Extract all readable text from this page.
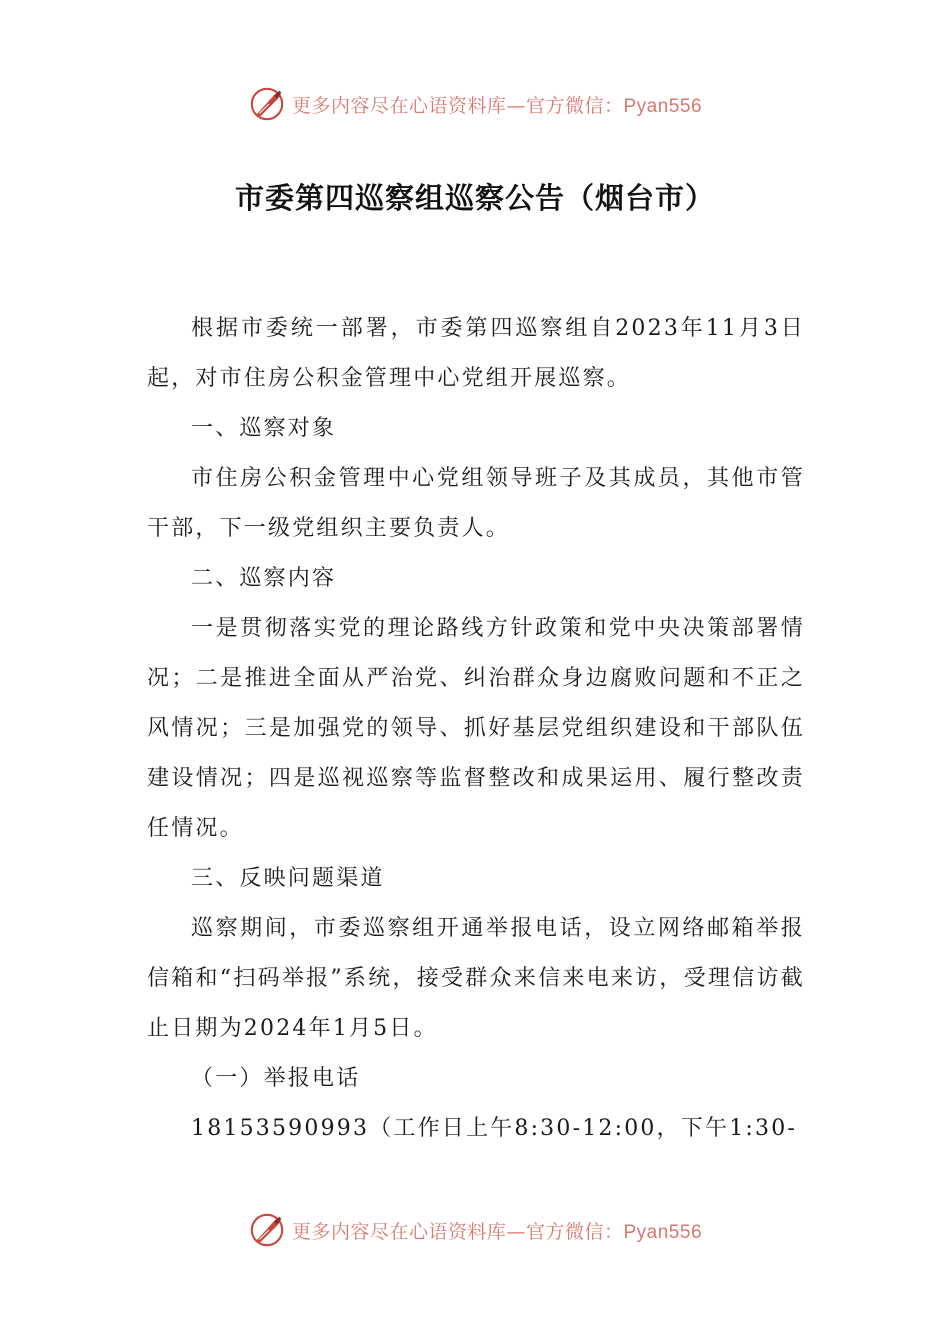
更多内容尽在心语资料库—官方微信：Pyan556
市委第四巡察组巡察公告（烟台市）

根据市委统一部署，市委第四巡察组自2023年11月3日起，对市住房公积金管理中心党组开展巡察。

一、巡察对象

市住房公积金管理中心党组领导班子及其成员，其他市管干部，下一级党组织主要负责人。

二、巡察内容

一是贯彻落实党的理论路线方针政策和党中央决策部署情况；二是推进全面从严治党、纠治群众身边腐败问题和不正之风情况；三是加强党的领导、抓好基层党组织建设和干部队伍建设情况；四是巡视巡察等监督整改和成果运用、履行整改责任情况。

三、反映问题渠道

巡察期间，市委巡察组开通举报电话，设立网络邮箱举报信箱和“扫码举报”系统，接受群众来信来电来访，受理信访截止日期为2024年1月5日。

（一）举报电话

18153590993（工作日上午8:30-12:00，下午1:30-

更多内容尽在心语资料库—官方微信：Pyan556
